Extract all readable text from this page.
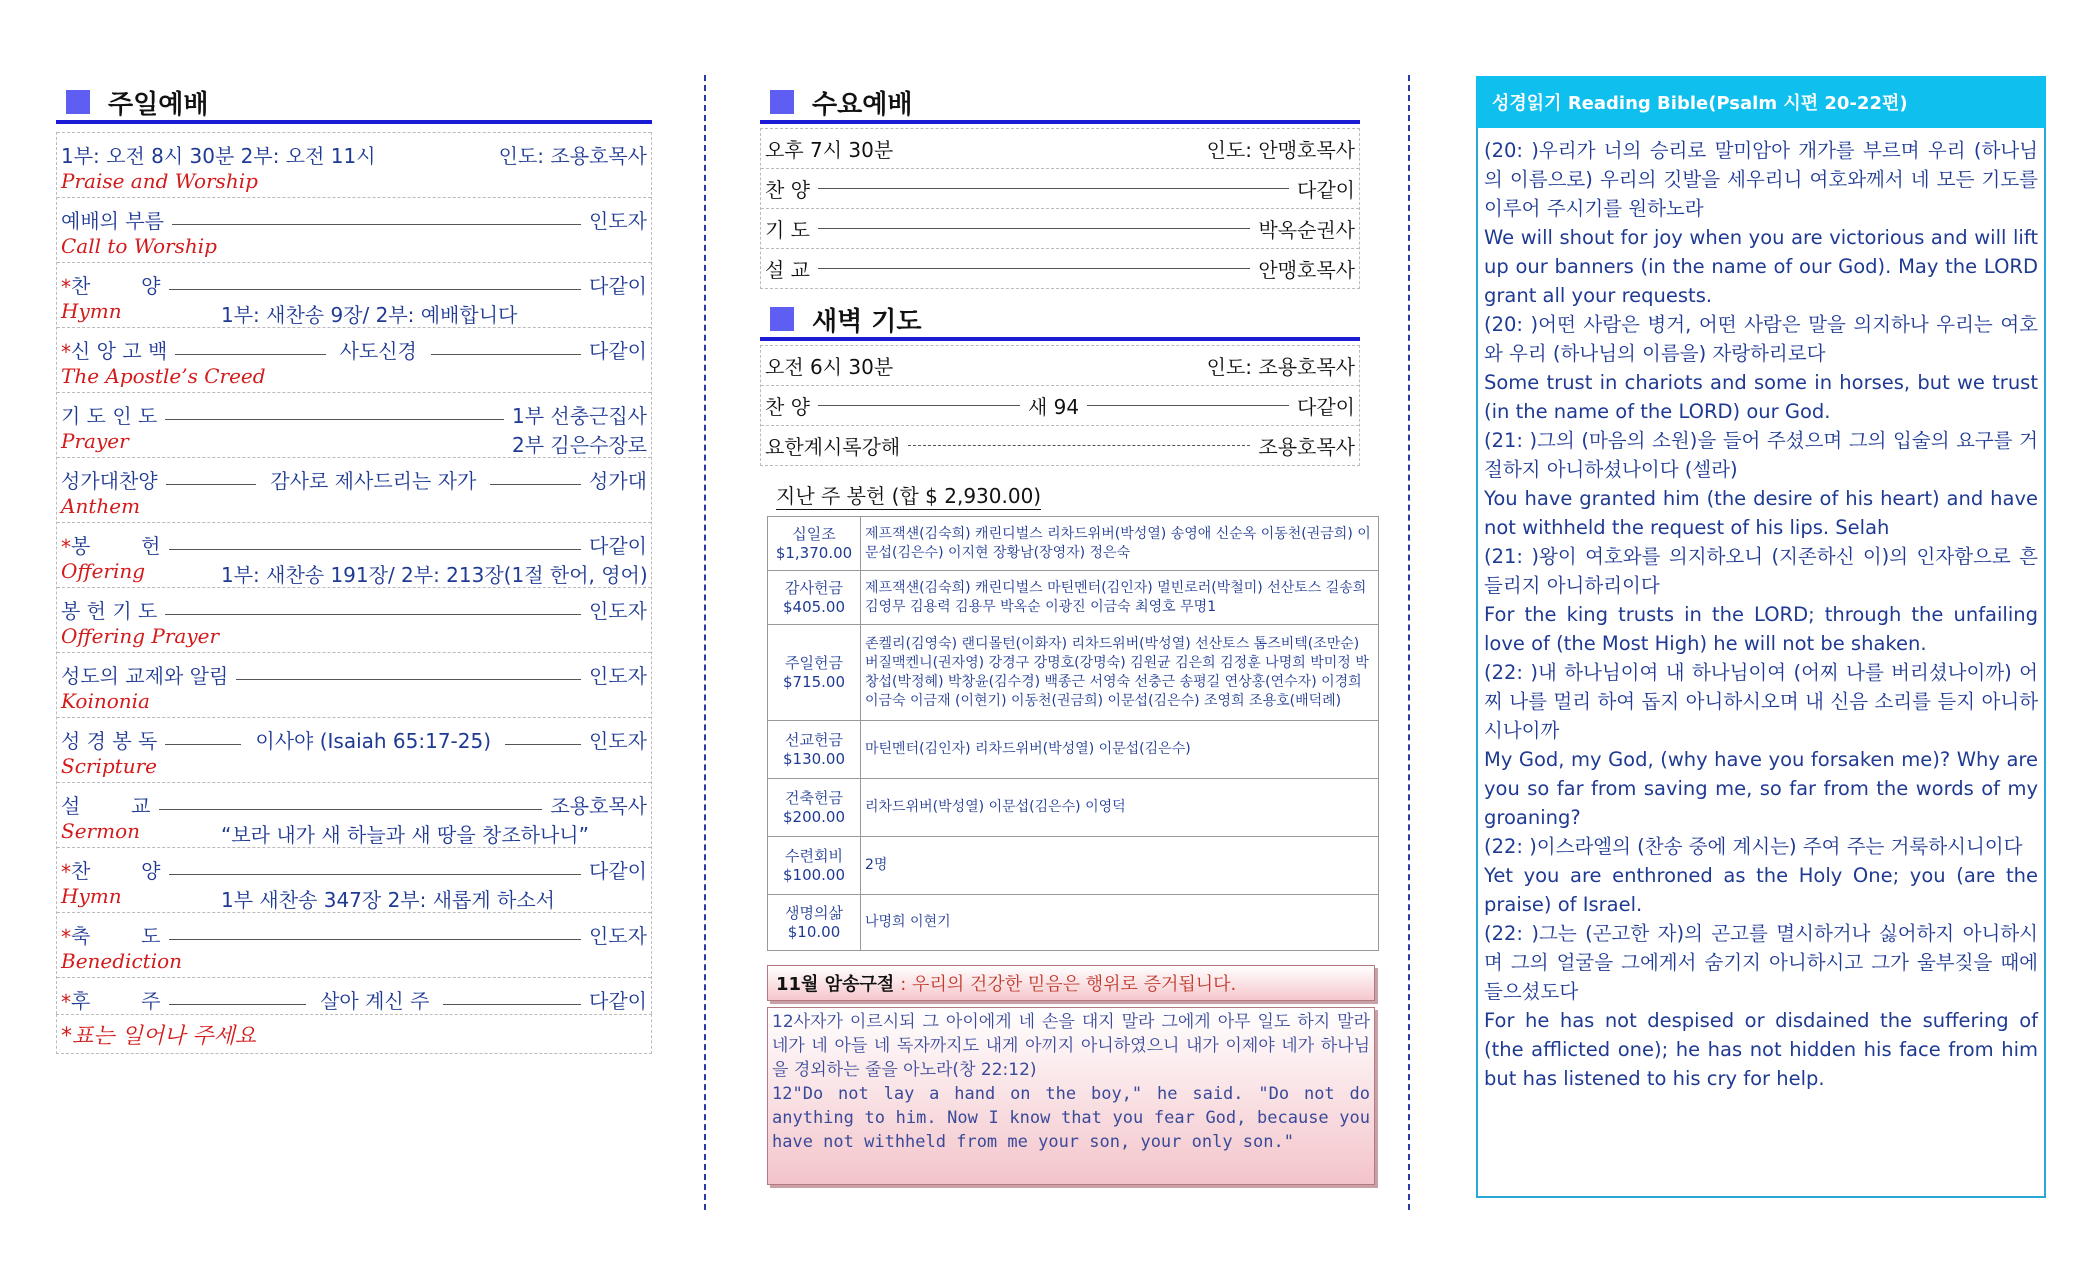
주일예배
1부: 오전 8시 30분 2부: 오전 11시	인도: 조용호목사
Praise and Worship
예배의 부름	인도자
Call to Worship
* 찬        양	다같이
Hymn	1부: 새찬송 9장/ 2부: 예배합니다
* 신 앙 고 백	사도신경	다같이
The Apostle’s Creed
기 도 인 도	1부 선충근집사
Prayer	2부 김은수장로
성가대찬양	감사로 제사드리는 자가	성가대
Anthem
* 봉        헌	다같이
Offering	1부: 새찬송 191장/ 2부: 213장(1절 한어, 영어)
봉 헌 기 도	인도자
Offering Prayer
성도의 교제와 알림	인도자
Koinonia
성 경 봉 독	이사야 (Isaiah 65:17-25)	인도자
Scripture
설        교	조용호목사
Sermon	“보라 내가 새 하늘과 새 땅을 창조하나니”
* 찬        양	다같이
Hymn	1부 새찬송 347장 2부: 새롭게 하소서
* 축        도	인도자
Benediction
* 후        주	살아 계신 주	다같이
*표는 일어나 주세요
수요예배
오후 7시 30분	인도: 안맹호목사
찬 양	다같이
기 도	박옥순권사
설 교	안맹호목사
새벽 기도
오전 6시 30분	인도: 조용호목사
찬 양	새 94	다같이
요한계시록강해	조용호목사
지난 주 봉헌 (합 $ 2,930.00)
십일조
$1,370.00	제프잭섄(김숙희) 캐린디벌스 리차드위버(박성열) 송영애 신순옥 이동천(권금희) 이문섭(김은수) 이지현 장황남(장영자) 정은숙

감사헌금
$405.00	제프잭섄(김숙희) 캐린디벌스 마틴멘터(김인자) 멀빈로러(박철미) 선산토스 길송희 김영무 김용력 김용무 박옥순 이광진 이금숙 최영호 무명1

주일헌금
$715.00	존켈리(김영숙) 랜디몰턴(이화자) 리차드위버(박성열) 선산토스 톰즈비텍(조만순) 버질맥켄니(권자영) 강경구 강명호(강명숙) 김원균 김은희 김정훈 나명희 박미정 박창섭(박정혜) 박창윤(김수경) 백종근 서영숙 선충근 송평길 연상홍(연수자) 이경희 이금숙 이금재 (이현기) 이동천(권금희) 이문섭(김은수) 조영희 조용호(배덕례)

선교헌금
$130.00	마틴멘터(김인자) 리차드위버(박성열) 이문섭(김은수)

건축헌금
$200.00	리차드위버(박성열) 이문섭(김은수) 이영덕

수련회비
$100.00	2명

생명의삶
$10.00	나명희 이현기
11월 암송구절 : 우리의 건강한 믿음은 행위로 증거됩니다.
12사자가 이르시되 그 아이에게 네 손을 대지 말라 그에게 아무 일도 하지 말라 네가 네 아들 네 독자까지도 내게 아끼지 아니하였으니 내가 이제야 네가 하나님을 경외하는 줄을 아노라(창 22:12)
12"Do not lay a hand on the boy," he said. "Do not do anything to him. Now I know that you fear God, because you have not withheld from me your son, your only son."
성경읽기 Reading Bible(Psalm 시편 20-22편)

(20: )우리가 너의 승리로 말미암아 개가를 부르며 우리 (하나님의 이름으로) 우리의 깃발을 세우리니 여호와께서 네 모든 기도를 이루어 주시기를 원하노라

We will shout for joy when you are victorious and will lift up our banners (in the name of our God). May the LORD grant all your requests.

(20: )어떤 사람은 병거, 어떤 사람은 말을 의지하나 우리는 여호와 우리 (하나님의 이름을) 자랑하리로다

Some trust in chariots and some in horses, but we trust (in the name of the LORD) our God.

(21: )그의 (마음의 소원)을 들어 주셨으며 그의 입술의 요구를 거절하지 아니하셨나이다 (셀라)

You have granted him (the desire of his heart) and have not withheld the request of his lips. Selah

(21: )왕이 여호와를 의지하오니 (지존하신 이)의 인자함으로 흔들리지 아니하리이다

For the king trusts in the LORD; through the unfailing love of (the Most High) he will not be shaken.

(22: )내 하나님이여 내 하나님이여 (어찌 나를 버리셨나이까) 어찌 나를 멀리 하여 돕지 아니하시오며 내 신음 소리를 듣지 아니하시나이까

My God, my God, (why have you forsaken me)? Why are you so far from saving me, so far from the words of my groaning?

(22: )이스라엘의 (찬송 중에 계시는) 주여 주는 거룩하시니이다

Yet you are enthroned as the Holy One; you (are the praise) of Israel.

(22: )그는 (곤고한 자)의 곤고를 멸시하거나 싫어하지 아니하시며 그의 얼굴을 그에게서 숨기지 아니하시고 그가 울부짖을 때에 들으셨도다

For he has not despised or disdained the suffering of (the afflicted one); he has not hidden his face from him but has listened to his cry for help.
